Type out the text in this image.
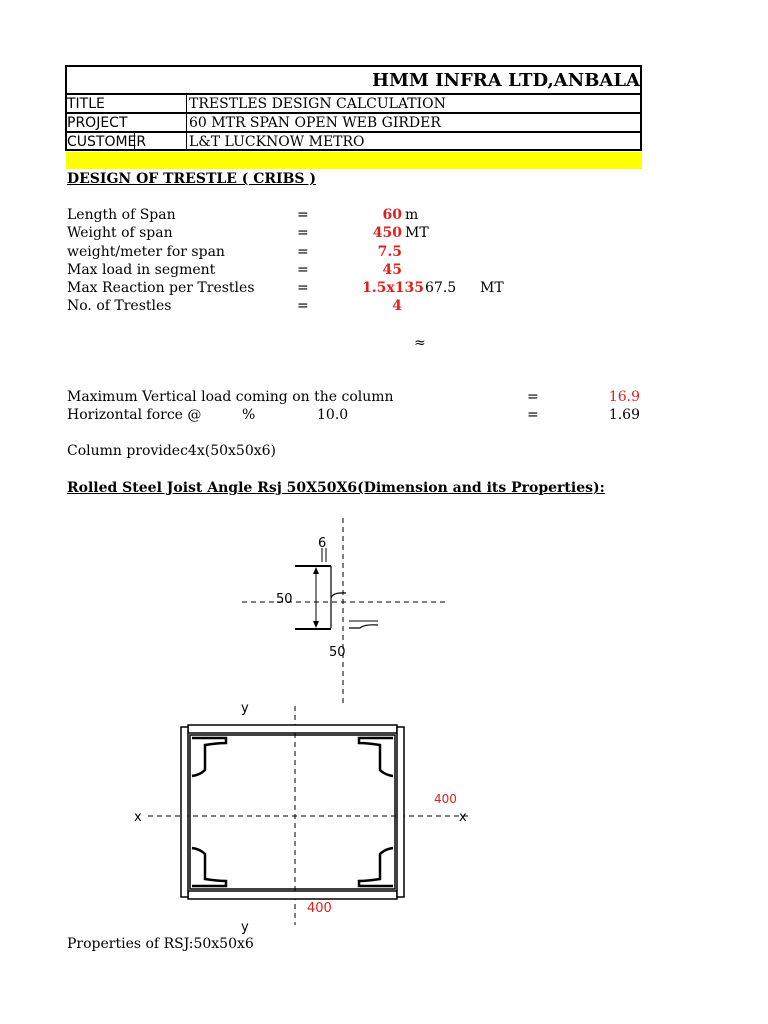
HMM INFRA LTD,ANBALA
TITLE	TRESTLES DESIGN CALCULATION
PROJECT	60 MTR SPAN OPEN WEB GIRDER
CUSTOMER	L&T LUCKNOW METRO
DESIGN OF TRESTLE ( CRIBS )
Length of Span	=	60 m
Weight of span	=	450 MT
weight/meter for span	=	7.5
Max load in segment	=	45
Max Reaction per Trestles	=	1.5x135 67.5 MT
No. of Trestles	=	4
≈
Maximum Vertical load coming on the column	=	16.9
Horizontal force @	%	10.0	=	1.69
Column providec4x(50x50x6)
Rolled Steel Joist Angle Rsj 50X50X6(Dimension and its Properties):
6
50
50
y
y
x	x
400
400
Properties of RSJ:50x50x6
